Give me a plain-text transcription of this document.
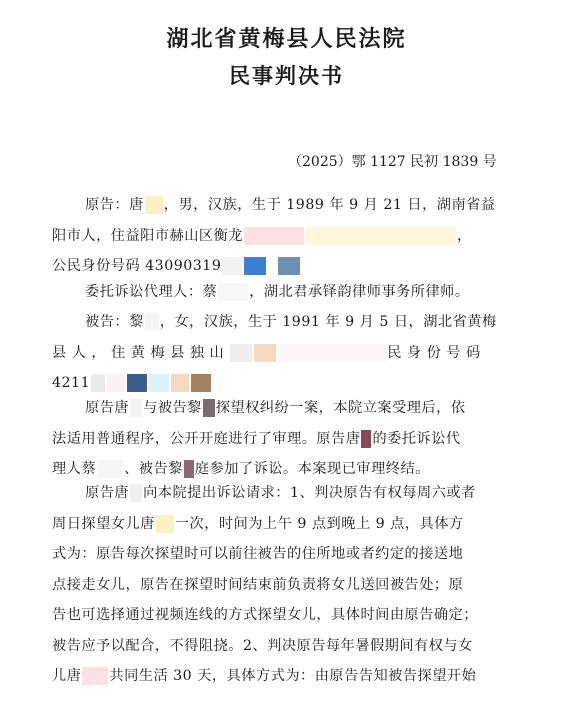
湖北省黄梅县人民法院
民事判决书
（2025）鄂 1127 民初 1839 号
原告：唐 ，男，汉族，生于 1989 年 9 月 21 日，湖南省益
阳市人，住益阳市赫山区衡龙	，
公民身份号码 43090319
委托诉讼代理人：蔡 ，湖北君承铎韵律师事务所律师。
被告：黎 ，女，汉族，生于 1991 年 9 月 5 日，湖北省黄梅
县人，住黄梅县独山	民身份号码
4211
原告唐 与被告黎 探望权纠纷一案，本院立案受理后，依
法适用普通程序，公开开庭进行了审理。原告唐 的委托诉讼代
理人蔡 、被告黎 庭参加了诉讼。本案现已审理终结。
原告唐 向本院提出诉讼请求：1、判决原告有权每周六或者
周日探望女儿唐 一次，时间为上午 9 点到晚上 9 点，具体方
式为：原告每次探望时可以前往被告的住所地或者约定的接送地
点接走女儿，原告在探望时间结束前负责将女儿送回被告处；原
告也可选择通过视频连线的方式探望女儿，具体时间由原告确定；
被告应予以配合，不得阻挠。2、判决原告每年暑假期间有权与女
儿唐 共同生活 30 天，具体方式为：由原告告知被告探望开始
